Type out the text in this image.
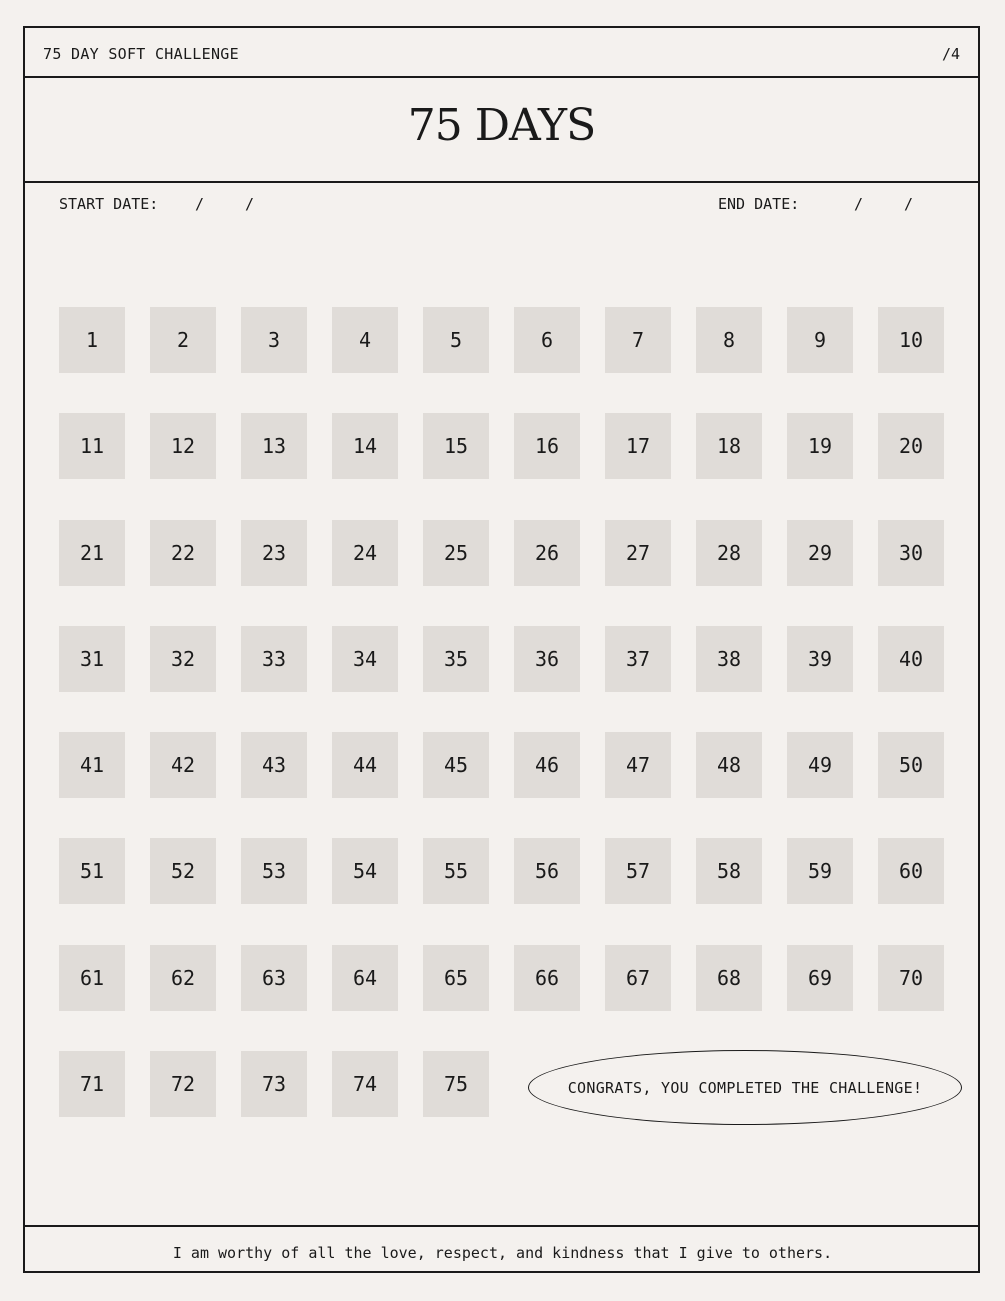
75 DAY SOFT CHALLENGE	/4
75 DAYS
START DATE: /	/	END DATE:	/	/
1	2	3	4	5	6	7	8	9	10
11	12	13	14	15	16	17	18	19	20
21	22	23	24	25	26	27	28	29	30
31	32	33	34	35	36	37	38	39	40
41	42	43	44	45	46	47	48	49	50
51	52	53	54	55	56	57	58	59	60
61	62	63	64	65	66	67	68	69	70
71	72	73	74	75	CONGRATS, YOU COMPLETED THE CHALLENGE!
I am worthy of all the love, respect, and kindness that I give to others.
